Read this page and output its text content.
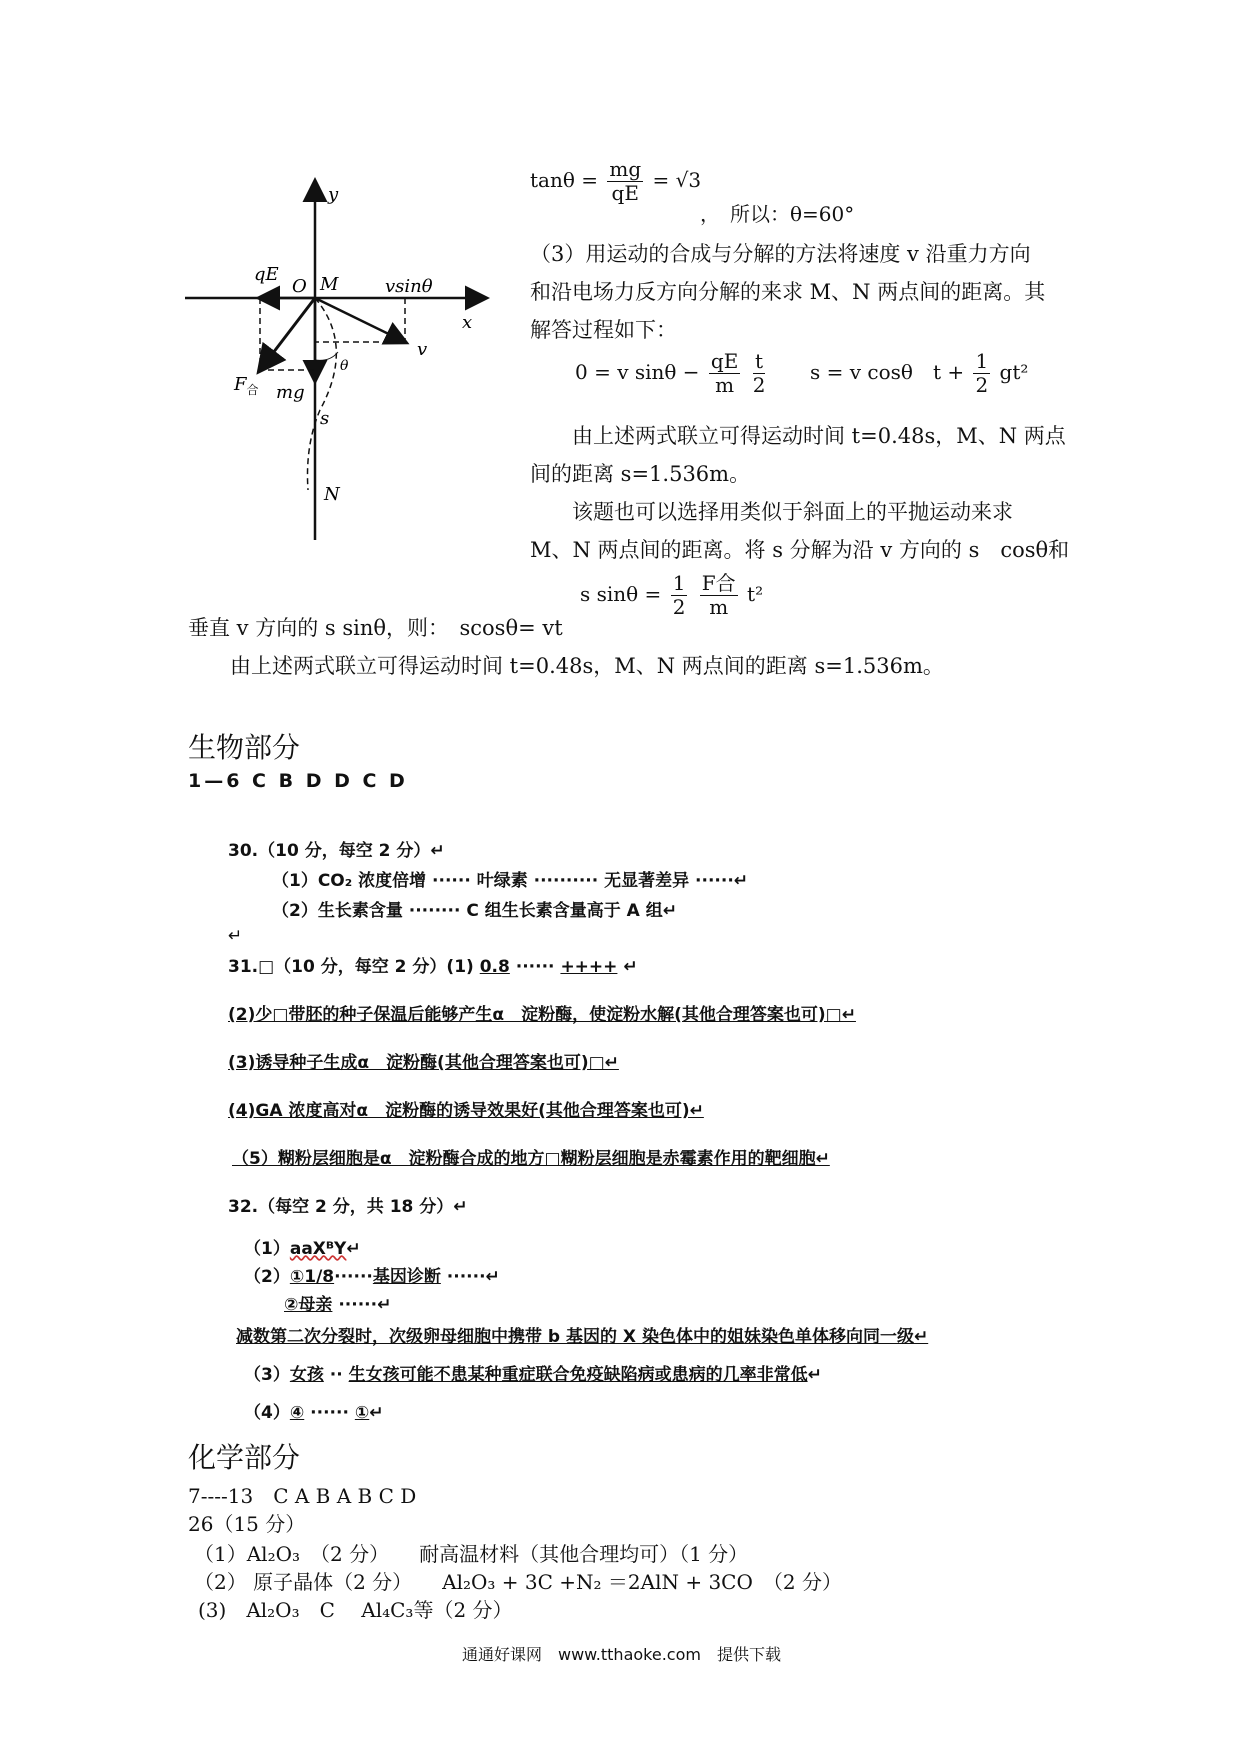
y
x
O M
qE
vsinθ
v
$F_合$ mg
θ
s
N
$\tan\theta = \frac{mg}{qE} = √3$
，　所以：θ=60°
（3）用运动的合成与分解的方法将速度 v 沿重力方向
和沿电场力反方向分解的来求 M、N 两点间的距离。其
解答过程如下：
0 = v $\sin\theta - \frac{qE}{m}$
$\frac{t}{2}$ s = v cosθ　$t + \frac{1}{2} gt^2$
由上述两式联立可得运动时间 t=0.48s，M、N 两点
间的距离 s=1.536m。
该题也可以选择用类似于斜面上的平抛运动来求
M、N 两点间的距离。将 s 分解为沿 v 方向的 s　cosθ和
s $\sin\theta = \frac{1}{2}$
$\frac{\text{F合}}{m} t^2$
垂直 v 方向的 s sinθ，则：　scosθ= vt
由上述两式联立可得运动时间 t=0.48s，M、N 两点间的距离 s=1.536m。
生物部分
1—6 C B D D C D
30.（10 分，每空 2 分）↵
（1）CO₂ 浓度倍增 ······ 叶绿素 ·········· 无显著差异 ······↵
（2）生长素含量 ········ C 组生长素含量高于 A 组↵
↵
31.□（10 分，每空 2 分）(1) 0.8 ······ ++++ ↵
(2)少□带胚的种子保温后能够产生α　淀粉酶，使淀粉水解(其他合理答案也可)□↵
(3)诱导种子生成α　淀粉酶(其他合理答案也可)□↵
(4)GA 浓度高对α　淀粉酶的诱导效果好(其他合理答案也可)↵
（5）糊粉层细胞是α　淀粉酶合成的地方□糊粉层细胞是赤霉素作用的靶细胞↵
32.（每空 2 分，共 18 分）↵
（1）aaXᴮY↵
（2）①1/8······基因诊断 ······↵
②母亲 ······↵
减数第二次分裂时，次级卵母细胞中携带 b 基因的 X 染色体中的姐妹染色单体移向同一级↵
（3）女孩 ·· 生女孩可能不患某种重症联合免疫缺陷病或患病的几率非常低↵
（4）④ ······ ①↵
化学部分
7----13　C A B A B C D
26（15 分）
（1）Al₂O₃　（2 分）　　耐高温材料（其他合理均可）（1 分）
（2） 原子晶体（2 分）　　Al₂O₃ + 3C +N₂ ＝2AlN + 3CO　（2 分）
(3)　Al₂O₃　C　 Al₄C₃等（2 分）
通通好课网　www.tthaoke.com　提供下载
